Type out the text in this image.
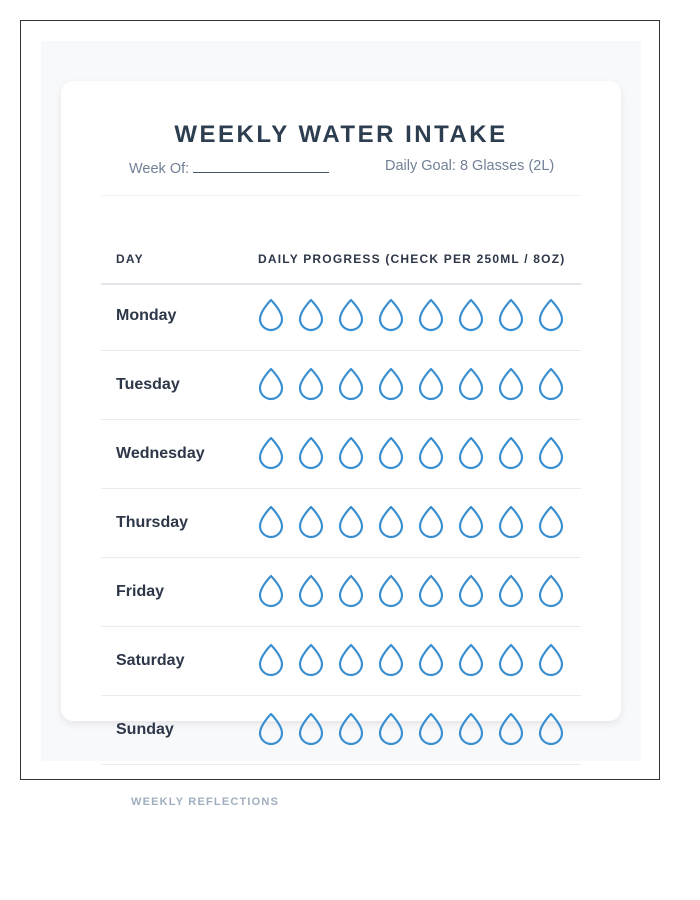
WEEKLY WATER INTAKE
Week Of:	Daily Goal: 8 Glasses (2L)
DAY	DAILY PROGRESS (CHECK PER 250ML / 8OZ)
Monday
Tuesday
Wednesday
Thursday
Friday
Saturday
Sunday
WEEKLY REFLECTIONS
